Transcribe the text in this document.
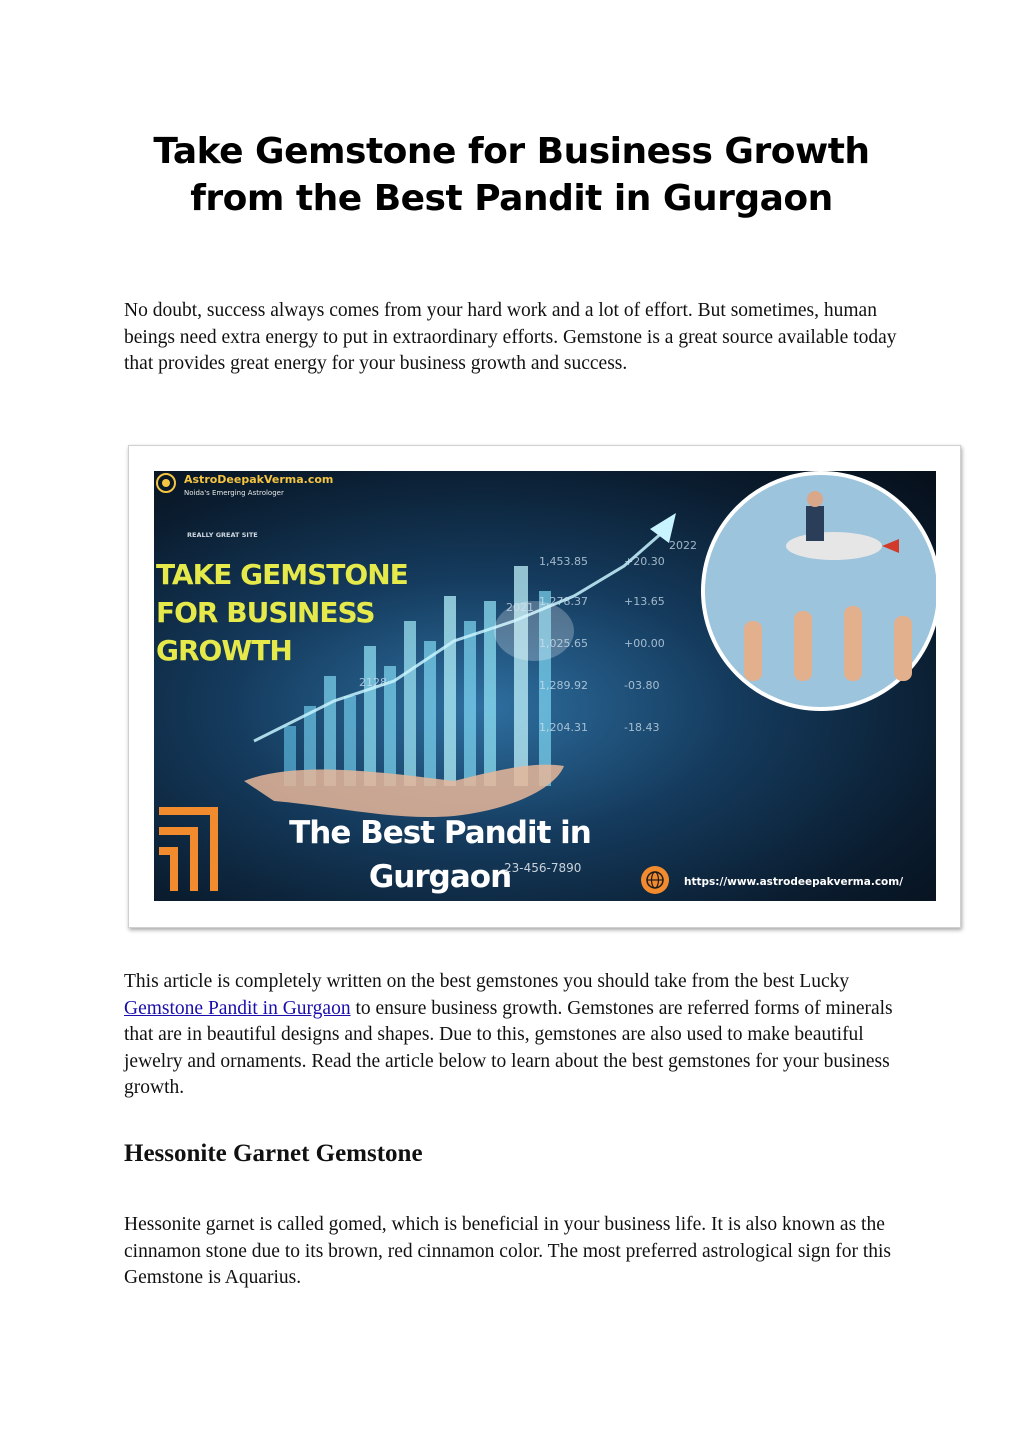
Take Gemstone for Business Growth from the Best Pandit in Gurgaon

No doubt, success always comes from your hard work and a lot of effort. But sometimes, human beings need extra energy to put in extraordinary efforts. Gemstone is a great source available today that provides great energy for your business growth and success.

AstroDeepakVerma.com
Noida's Emerging Astrologer
REALLY GREAT SITE
TAKE GEMSTONE
FOR BUSINESS
GROWTH
1,453.85	+20.30
1,278.37	+13.65
1,025.65	+00.00
1,289.92	-03.80
1,204.31	-18.43
2021
2022
2128
The Best Pandit in
Gurgaon
23-456-7890
https://www.astrodeepakverma.com/

This article is completely written on the best gemstones you should take from the best Lucky Gemstone Pandit in Gurgaon to ensure business growth. Gemstones are referred forms of minerals that are in beautiful designs and shapes. Due to this, gemstones are also used to make beautiful jewelry and ornaments. Read the article below to learn about the best gemstones for your business growth.

Hessonite Garnet Gemstone

Hessonite garnet is called gomed, which is beneficial in your business life. It is also known as the cinnamon stone due to its brown, red cinnamon color. The most preferred astrological sign for this Gemstone is Aquarius.
